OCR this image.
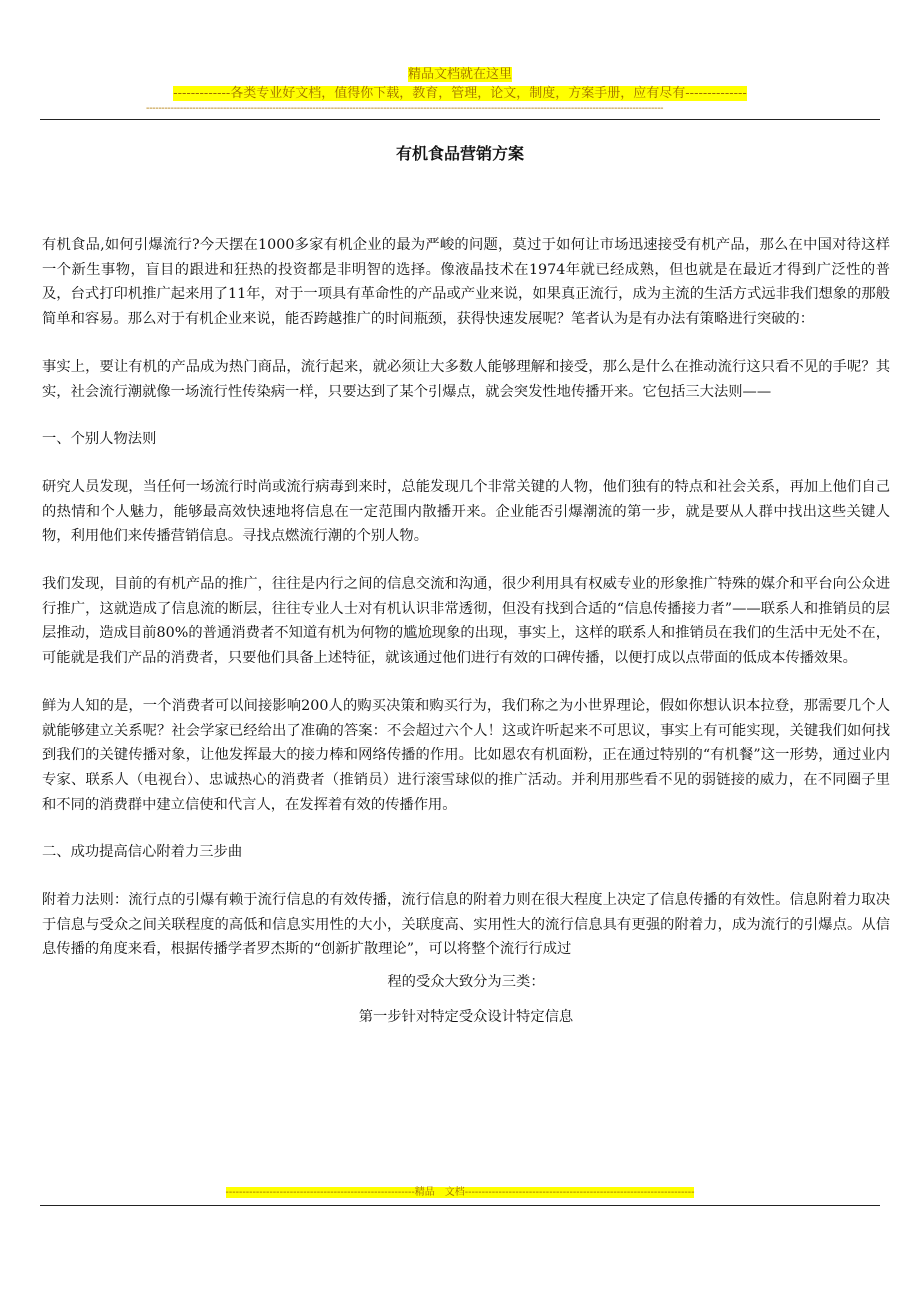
精品文档就在这里
-------------各类专业好文档，值得你下载，教育，管理，论文，制度，方案手册，应有尽有--------------
------------------------------------------------------------------------------------------------------------------------------------------------------------------------
有机食品营销方案

有机食品,如何引爆流行?今天摆在1000多家有机企业的最为严峻的问题，莫过于如何让市场迅速接受有机产品，那么在中国对待这样一个新生事物，盲目的跟进和狂热的投资都是非明智的选择。像液晶技术在1974年就已经成熟，但也就是在最近才得到广泛性的普及，台式打印机推广起来用了11年，对于一项具有革命性的产品或产业来说，如果真正流行，成为主流的生活方式远非我们想象的那般简单和容易。那么对于有机企业来说，能否跨越推广的时间瓶颈，获得快速发展呢？笔者认为是有办法有策略进行突破的：

事实上，要让有机的产品成为热门商品，流行起来，就必须让大多数人能够理解和接受，那么是什么在推动流行这只看不见的手呢？其实，社会流行潮就像一场流行性传染病一样，只要达到了某个引爆点，就会突发性地传播开来。它包括三大法则——

一、个别人物法则

研究人员发现，当任何一场流行时尚或流行病毒到来时，总能发现几个非常关键的人物，他们独有的特点和社会关系，再加上他们自己的热情和个人魅力，能够最高效快速地将信息在一定范围内散播开来。企业能否引爆潮流的第一步，就是要从人群中找出这些关键人物，利用他们来传播营销信息。寻找点燃流行潮的个别人物。

我们发现，目前的有机产品的推广，往往是内行之间的信息交流和沟通，很少利用具有权威专业的形象推广特殊的媒介和平台向公众进行推广，这就造成了信息流的断层，往往专业人士对有机认识非常透彻，但没有找到合适的“信息传播接力者”——联系人和推销员的层层推动，造成目前80%的普通消费者不知道有机为何物的尴尬现象的出现，事实上，这样的联系人和推销员在我们的生活中无处不在，可能就是我们产品的消费者，只要他们具备上述特征，就该通过他们进行有效的口碑传播，以便打成以点带面的低成本传播效果。

鲜为人知的是，一个消费者可以间接影响200人的购买决策和购买行为，我们称之为小世界理论，假如你想认识本拉登，那需要几个人就能够建立关系呢？社会学家已经给出了准确的答案：不会超过六个人！这或许听起来不可思议，事实上有可能实现，关键我们如何找到我们的关键传播对象，让他发挥最大的接力棒和网络传播的作用。比如恩农有机面粉，正在通过特别的“有机餐”这一形势，通过业内专家、联系人（电视台）、忠诚热心的消费者（推销员）进行滚雪球似的推广活动。并利用那些看不见的弱链接的威力，在不同圈子里和不同的消费群中建立信使和代言人，在发挥着有效的传播作用。

二、成功提高信心附着力三步曲

附着力法则：流行点的引爆有赖于流行信息的有效传播，流行信息的附着力则在很大程度上决定了信息传播的有效性。信息附着力取决于信息与受众之间关联程度的高低和信息实用性的大小，关联度高、实用性大的流行信息具有更强的附着力，成为流行的引爆点。从信息传播的角度来看，根据传播学者罗杰斯的“创新扩散理论”，可以将整个流行行成过

程的受众大致分为三类：

第一步针对特定受众设计特定信息

--------------------------------------------------------精品　文档--------------------------------------------------------------------
